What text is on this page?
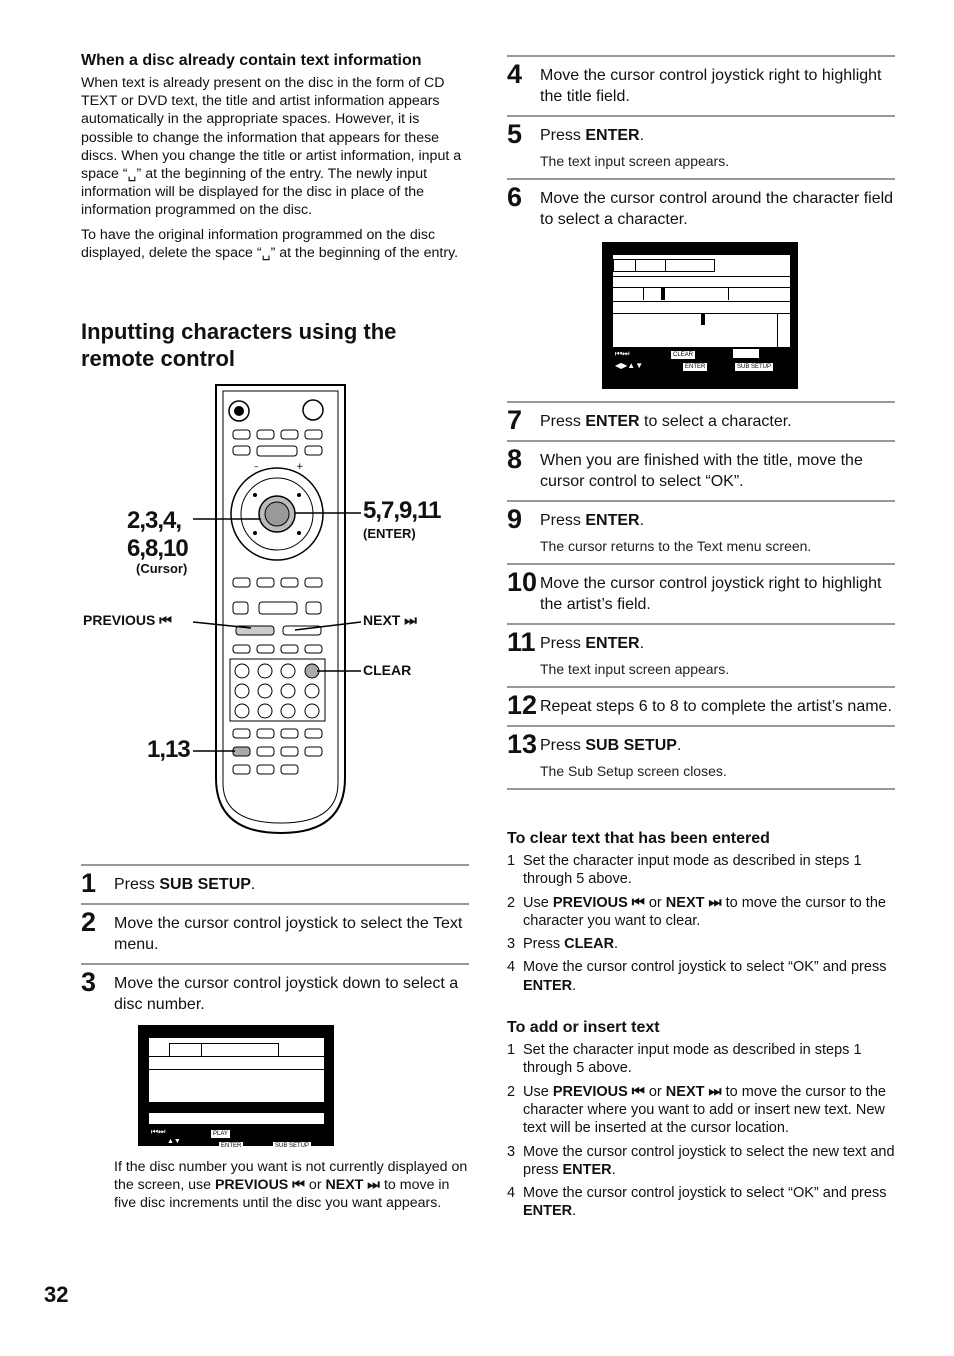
When a disc already contain text information

When text is already present on the disc in the form of CD TEXT or DVD text, the title and artist information appears automatically in the appropriate spaces. However, it is possible to change the information that appears for these discs. When you change the title or artist information, input a space “␣” at the beginning of the entry. The newly input information will be displayed for the disc in place of the information programmed on the disc.

To have the original information programmed on the disc displayed, delete the space “␣” at the beginning of the entry.

Inputting characters using the remote control
–	+
2,3,4,
6,8,10
(Cursor)
5,7,9,11
(ENTER)
PREVIOUS ⏮	NEXT ⏭
CLEAR
1,13
1 Press SUB SETUP.
2 Move the cursor control joystick to select the Text menu.
3 Move the cursor control joystick down to select a disc number.
⏮⏭
▲▼
PLAY
ENTER	SUB SETUP

If the disc number you want is not currently displayed on the screen, use PREVIOUS ⏮ or NEXT ⏭ to move in five disc increments until the disc you want appears.

4 Move the cursor control joystick right to highlight the title field.
5 Press ENTER.
The text input screen appears.
6 Move the cursor control around the character field to select a character.
⏮⏭
◀▶▲▼
CLEAR
ENTER	SUB SETUP
7 Press ENTER to select a character.
8 When you are finished with the title, move the cursor control to select “OK”.
9 Press ENTER.
The cursor returns to the Text menu screen.
10 Move the cursor control joystick right to highlight the artist’s field.
11 Press ENTER.
The text input screen appears.
12 Repeat steps 6 to 8 to complete the artist’s name.
13 Press SUB SETUP.
The Sub Setup screen closes.
To clear text that has been entered
1 Set the character input mode as described in steps 1 through 5 above.
2 Use PREVIOUS ⏮ or NEXT ⏭ to move the cursor to the character you want to clear.
3 Press CLEAR.
4 Move the cursor control joystick to select “OK” and press ENTER.
To add or insert text
1 Set the character input mode as described in steps 1 through 5 above.
2 Use PREVIOUS ⏮ or NEXT ⏭ to move the cursor to the character where you want to add or insert new text. New text will be inserted at the cursor location.
3 Move the cursor control joystick to select the new text and press ENTER.
4 Move the cursor control joystick to select “OK” and press ENTER.
32
